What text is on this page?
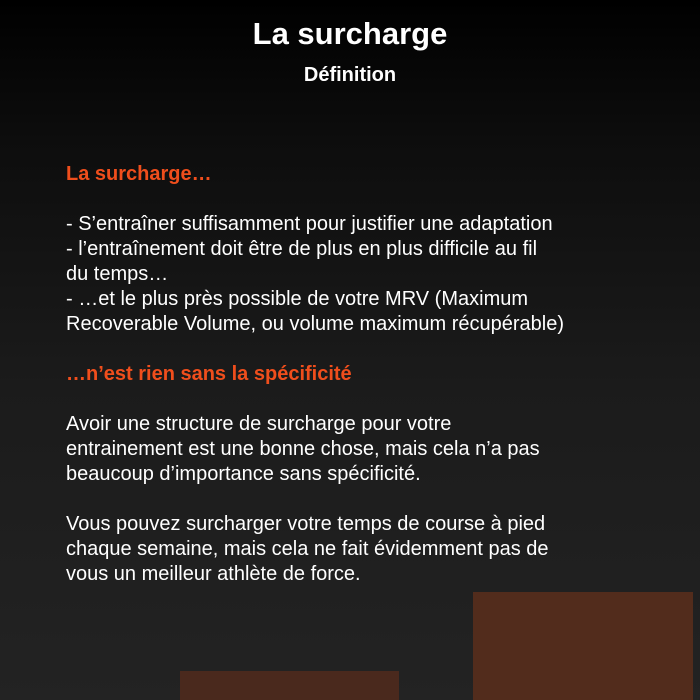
La surcharge
Définition

La surcharge…

- S’entraîner suffisamment pour justifier une adaptation

- l’entraînement doit être de plus en plus difficile au fil

du temps…

- …et le plus près possible de votre MRV (Maximum

Recoverable Volume, ou volume maximum récupérable)

…n’est rien sans la spécificité

Avoir une structure de surcharge pour votre

entrainement est une bonne chose, mais cela n’a pas

beaucoup d’importance sans spécificité.

Vous pouvez surcharger votre temps de course à pied

chaque semaine, mais cela ne fait évidemment pas de

vous un meilleur athlète de force.
